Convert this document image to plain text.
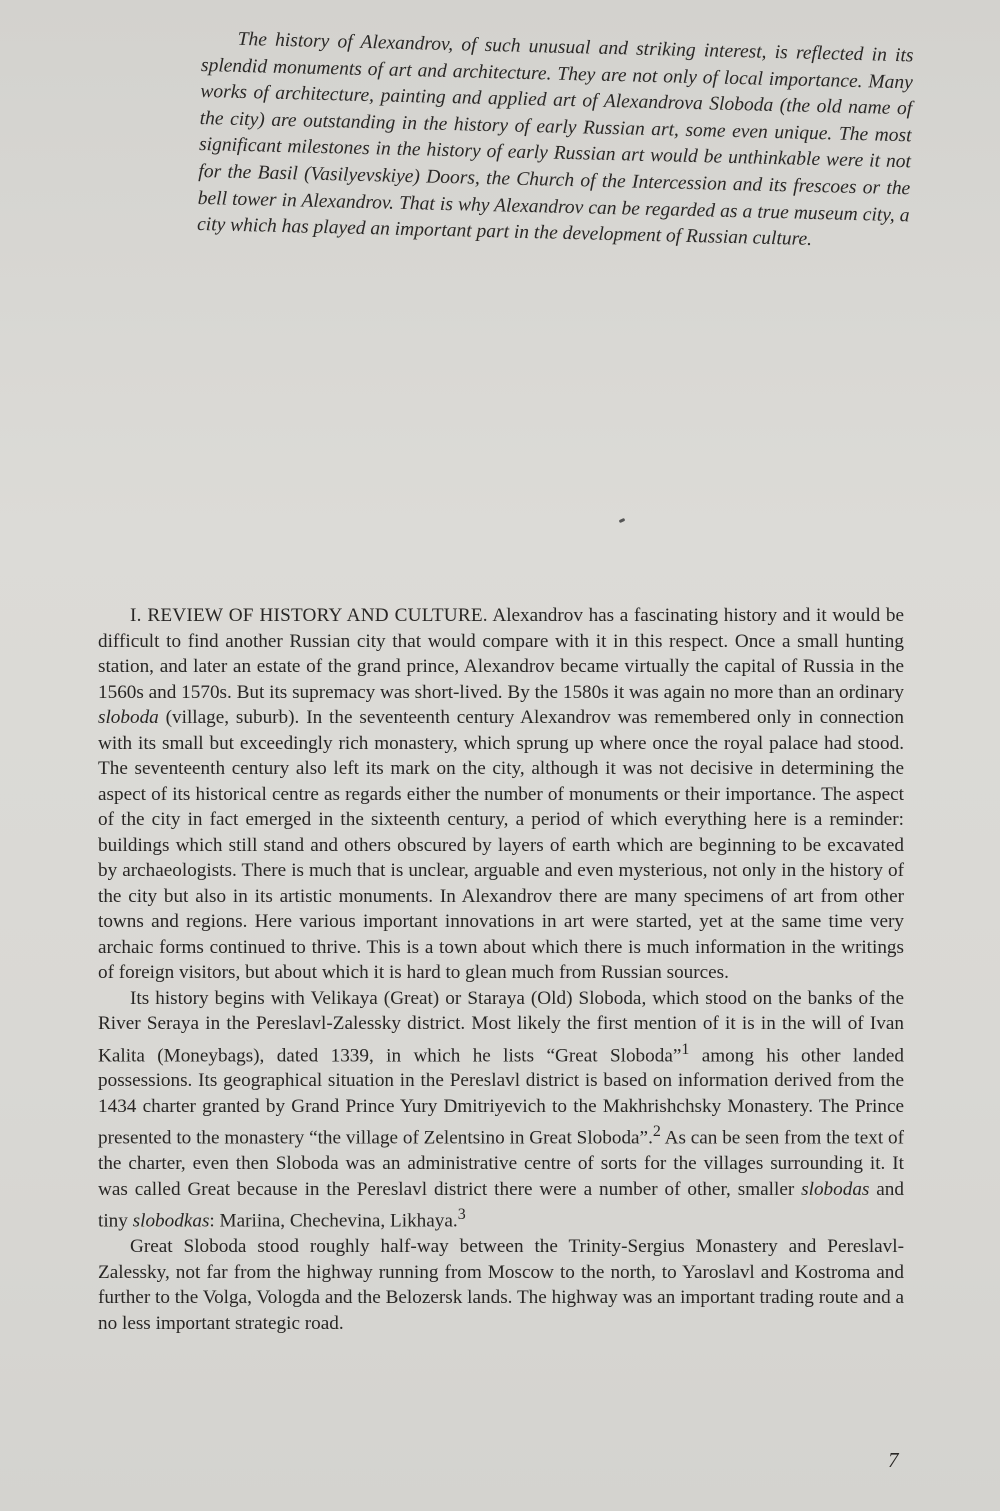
The history of Alexandrov, of such unusual and striking interest, is reflected in its splendid monuments of art and architecture. They are not only of local importance. Many works of architecture, painting and applied art of Alexandrova Sloboda (the old name of the city) are outstanding in the history of early Russian art, some even unique. The most significant milestones in the history of early Russian art would be unthinkable were it not for the Basil (Vasilyevskiye) Doors, the Church of the Intercession and its frescoes or the bell tower in Alexandrov. That is why Alexandrov can be regarded as a true museum city, a city which has played an important part in the development of Russian culture.

I. REVIEW OF HISTORY AND CULTURE. Alexandrov has a fascinating history and it would be difficult to find another Russian city that would compare with it in this respect. Once a small hunting station, and later an estate of the grand prince, Alexandrov became virtually the capital of Russia in the 1560s and 1570s. But its supremacy was short-lived. By the 1580s it was again no more than an ordinary sloboda (village, suburb). In the seventeenth century Alexandrov was remembered only in connection with its small but exceedingly rich monastery, which sprung up where once the royal palace had stood. The seventeenth century also left its mark on the city, although it was not decisive in determining the aspect of its historical centre as regards either the number of monuments or their importance. The aspect of the city in fact emerged in the sixteenth century, a period of which everything here is a reminder: buildings which still stand and others obscured by layers of earth which are beginning to be excavated by archaeologists. There is much that is unclear, arguable and even mysterious, not only in the history of the city but also in its artistic monuments. In Alexandrov there are many specimens of art from other towns and regions. Here various important innovations in art were started, yet at the same time very archaic forms continued to thrive. This is a town about which there is much information in the writings of foreign visitors, but about which it is hard to glean much from Russian sources.

Its history begins with Velikaya (Great) or Staraya (Old) Sloboda, which stood on the banks of the River Seraya in the Pereslavl-Zalessky district. Most likely the first mention of it is in the will of Ivan Kalita (Moneybags), dated 1339, in which he lists “Great Sloboda”$^1$ among his other landed possessions. Its geographical situation in the Pereslavl district is based on information derived from the 1434 charter granted by Grand Prince Yury Dmitriyevich to the Makhrishchsky Monastery. The Prince presented to the monastery “the village of Zelentsino in Great Sloboda”.$^2$ As can be seen from the text of the charter, even then Sloboda was an administrative centre of sorts for the villages surrounding it. It was called Great because in the Pereslavl district there were a number of other, smaller slobodas and tiny slobodkas: Mariina, Chechevina, Likhaya.$^3$

Great Sloboda stood roughly half-way between the Trinity-Sergius Monastery and Pereslavl-Zalessky, not far from the highway running from Moscow to the north, to Yaroslavl and Kostroma and further to the Volga, Vologda and the Belozersk lands. The highway was an important trading route and a no less important strategic road.

7
